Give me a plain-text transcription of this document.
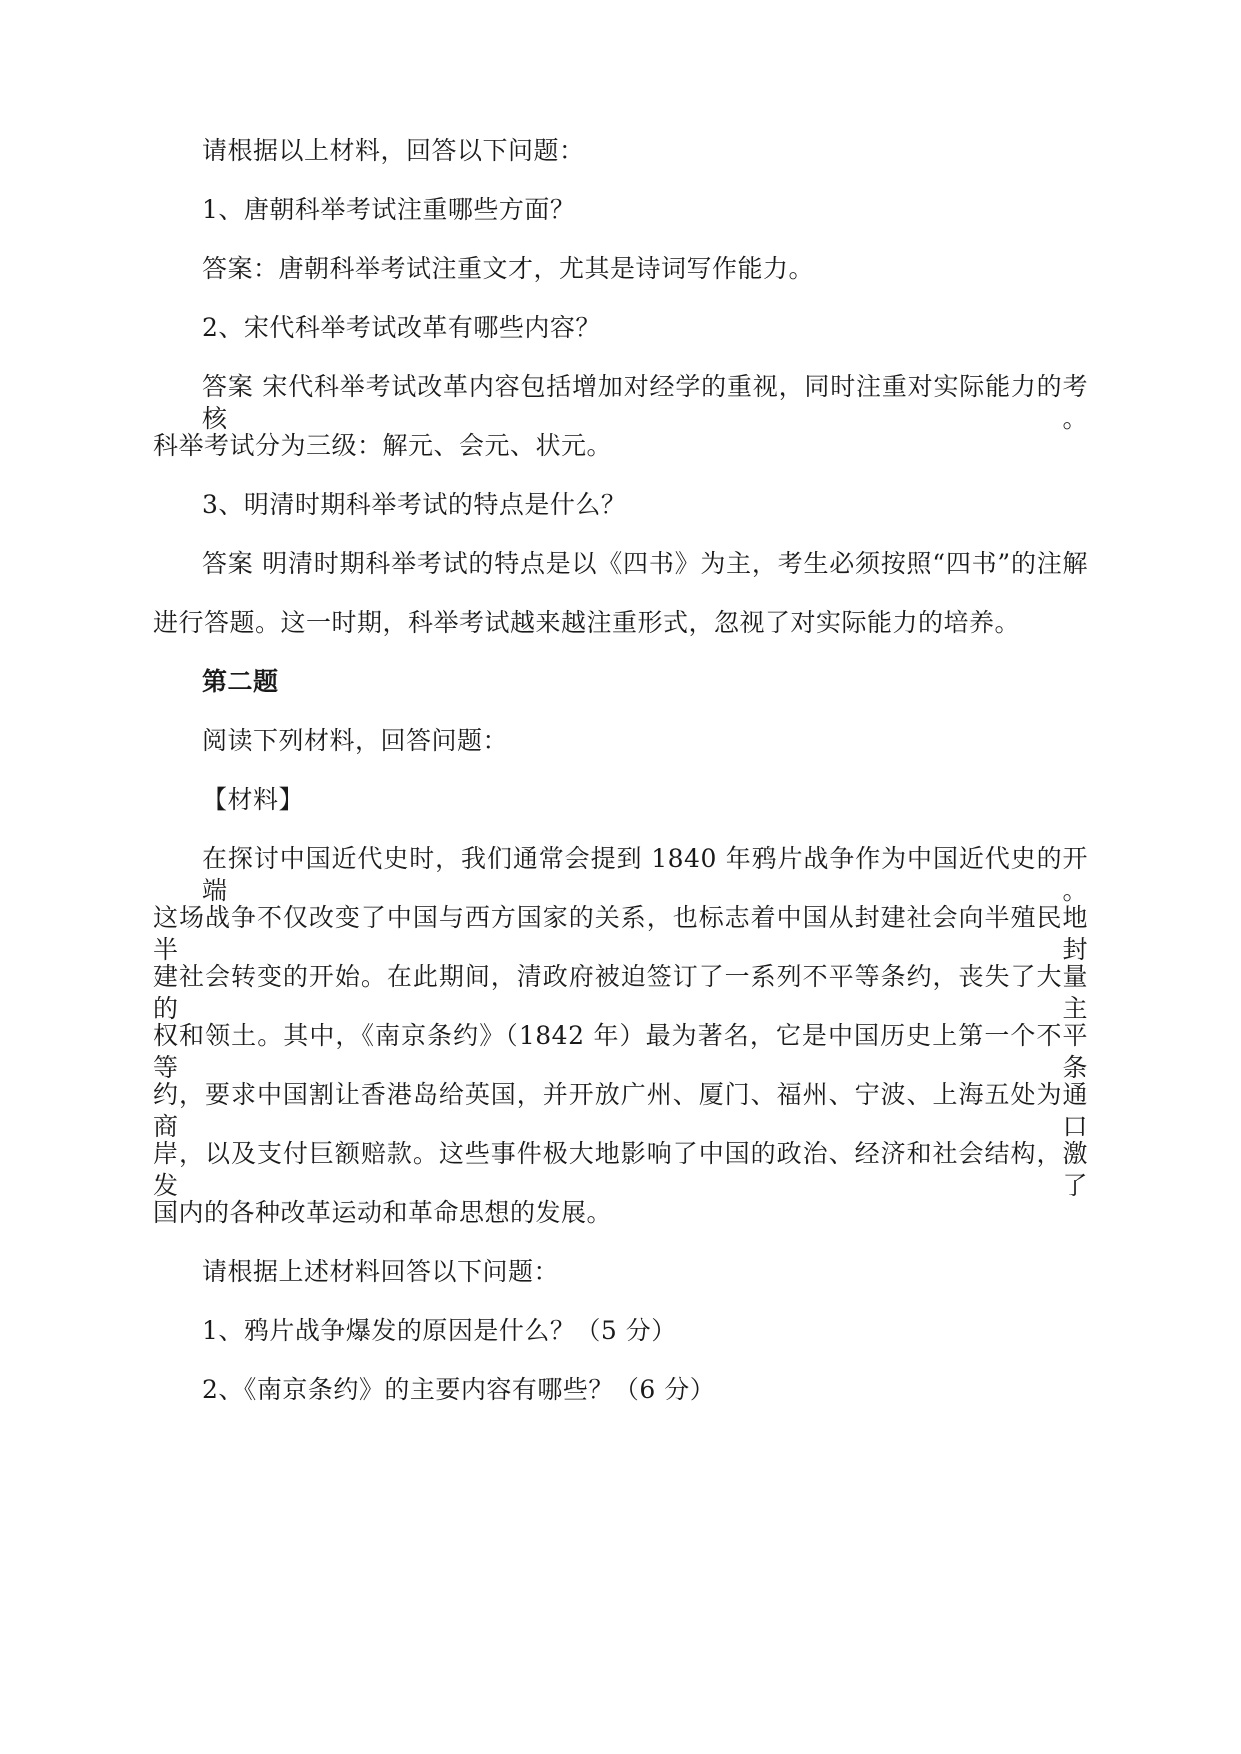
请根据以上材料，回答以下问题：
1、唐朝科举考试注重哪些方面？
答案：唐朝科举考试注重文才，尤其是诗词写作能力。
2、宋代科举考试改革有哪些内容？
答案 宋代科举考试改革内容包括增加对经学的重视，同时注重对实际能力的考核。
科举考试分为三级：解元、会元、状元。
3、明清时期科举考试的特点是什么？
答案 明清时期科举考试的特点是以《四书》为主，考生必须按照“四书”的注解
进行答题。这一时期，科举考试越来越注重形式，忽视了对实际能力的培养。
第二题
阅读下列材料，回答问题：
【材料】
在探讨中国近代史时，我们通常会提到 1840 年鸦片战争作为中国近代史的开端。
这场战争不仅改变了中国与西方国家的关系，也标志着中国从封建社会向半殖民地半封
建社会转变的开始。在此期间，清政府被迫签订了一系列不平等条约，丧失了大量的主
权和领土。其中，《南京条约》（1842 年）最为著名，它是中国历史上第一个不平等条
约，要求中国割让香港岛给英国，并开放广州、厦门、福州、宁波、上海五处为通商口
岸，以及支付巨额赔款。这些事件极大地影响了中国的政治、经济和社会结构，激发了
国内的各种改革运动和革命思想的发展。
请根据上述材料回答以下问题：
1、鸦片战争爆发的原因是什么？（5 分）
2、《南京条约》的主要内容有哪些？（6 分）
